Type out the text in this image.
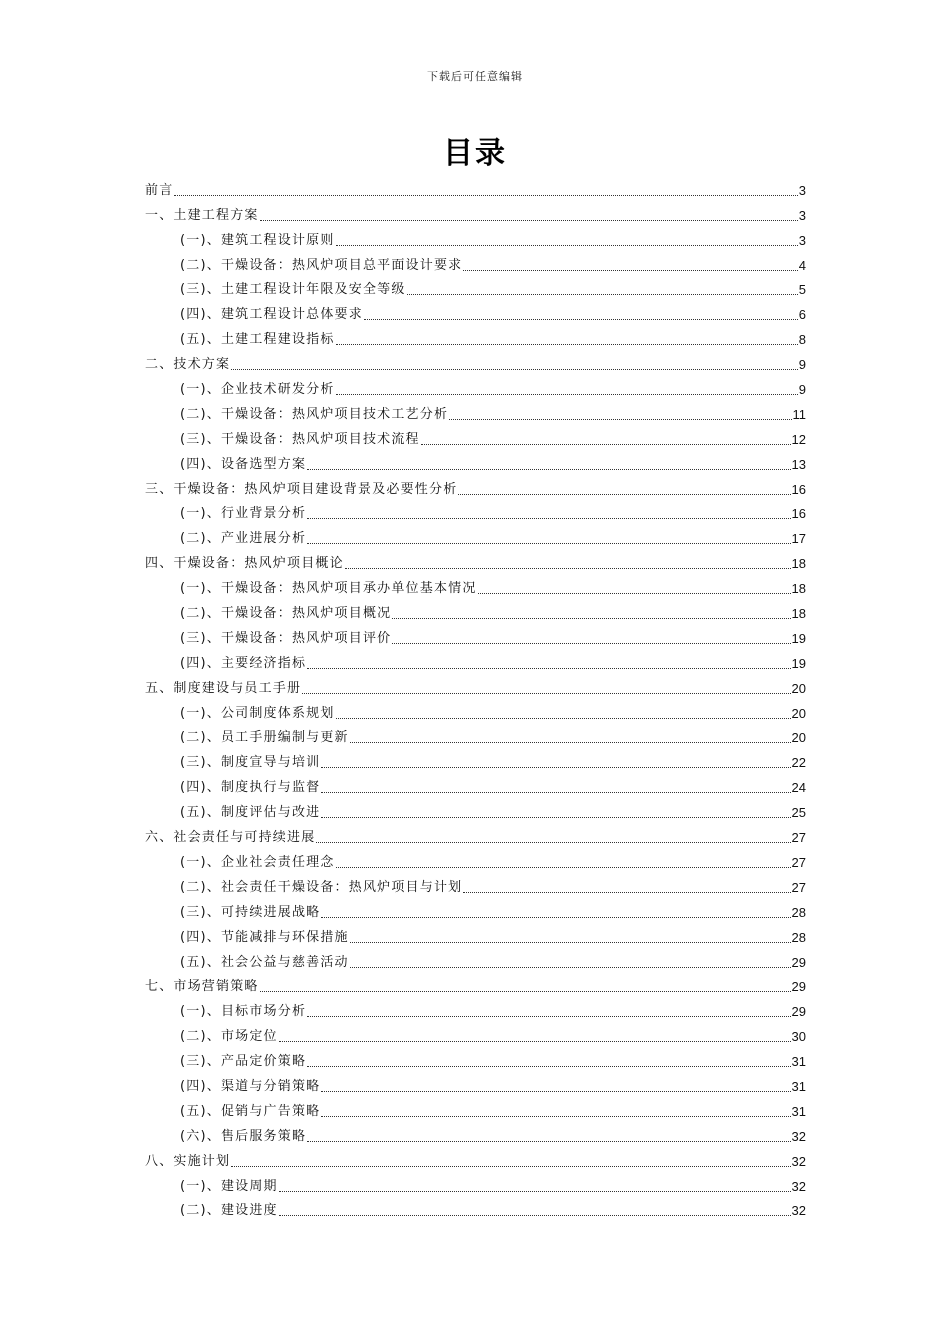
下载后可任意编辑
目录
前言	3
一、土建工程方案	3
(一)、建筑工程设计原则	3
(二)、干燥设备：热风炉项目总平面设计要求	4
(三)、土建工程设计年限及安全等级	5
(四)、建筑工程设计总体要求	6
(五)、土建工程建设指标	8
二、技术方案	9
(一)、企业技术研发分析	9
(二)、干燥设备：热风炉项目技术工艺分析	11
(三)、干燥设备：热风炉项目技术流程	12
(四)、设备选型方案	13
三、干燥设备：热风炉项目建设背景及必要性分析	16
(一)、行业背景分析	16
(二)、产业进展分析	17
四、干燥设备：热风炉项目概论	18
(一)、干燥设备：热风炉项目承办单位基本情况	18
(二)、干燥设备：热风炉项目概况	18
(三)、干燥设备：热风炉项目评价	19
(四)、主要经济指标	19
五、制度建设与员工手册	20
(一)、公司制度体系规划	20
(二)、员工手册编制与更新	20
(三)、制度宣导与培训	22
(四)、制度执行与监督	24
(五)、制度评估与改进	25
六、社会责任与可持续进展	27
(一)、企业社会责任理念	27
(二)、社会责任干燥设备：热风炉项目与计划	27
(三)、可持续进展战略	28
(四)、节能减排与环保措施	28
(五)、社会公益与慈善活动	29
七、市场营销策略	29
(一)、目标市场分析	29
(二)、市场定位	30
(三)、产品定价策略	31
(四)、渠道与分销策略	31
(五)、促销与广告策略	31
(六)、售后服务策略	32
八、实施计划	32
(一)、建设周期	32
(二)、建设进度	32
